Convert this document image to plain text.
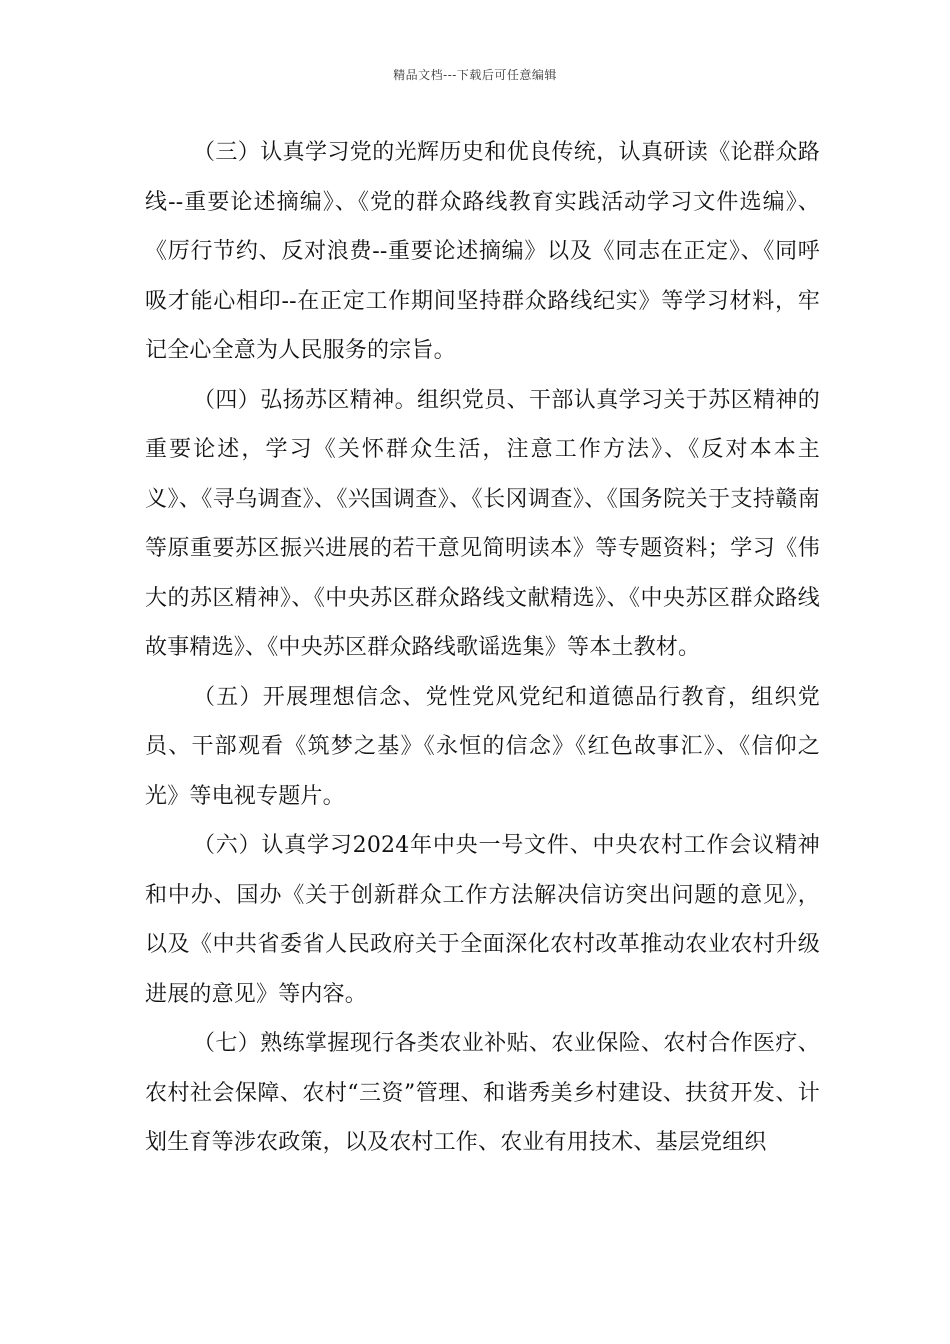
精品文档---下载后可任意编辑

（三）认真学习党的光辉历史和优良传统，认真研读《论群众路线--重要论述摘编》、《党的群众路线教育实践活动学习文件选编》、《厉行节约、反对浪费--重要论述摘编》以及《同志在正定》、《同呼吸才能心相印--在正定工作期间坚持群众路线纪实》等学习材料，牢记全心全意为人民服务的宗旨。

（四）弘扬苏区精神。组织党员、干部认真学习关于苏区精神的重要论述，学习《关怀群众生活，注意工作方法》、《反对本本主义》、《寻乌调查》、《兴国调查》、《长冈调查》、《国务院关于支持赣南等原重要苏区振兴进展的若干意见简明读本》等专题资料；学习《伟大的苏区精神》、《中央苏区群众路线文献精选》、《中央苏区群众路线故事精选》、《中央苏区群众路线歌谣选集》等本土教材。

（五）开展理想信念、党性党风党纪和道德品行教育，组织党员、干部观看《筑梦之基》《永恒的信念》《红色故事汇》、《信仰之光》等电视专题片。

（六）认真学习2024年中央一号文件、中央农村工作会议精神和中办、国办《关于创新群众工作方法解决信访突出问题的意见》，以及《中共省委省人民政府关于全面深化农村改革推动农业农村升级进展的意见》等内容。

（七）熟练掌握现行各类农业补贴、农业保险、农村合作医疗、农村社会保障、农村“三资”管理、和谐秀美乡村建设、扶贫开发、计划生育等涉农政策，以及农村工作、农业有用技术、基层党组织
